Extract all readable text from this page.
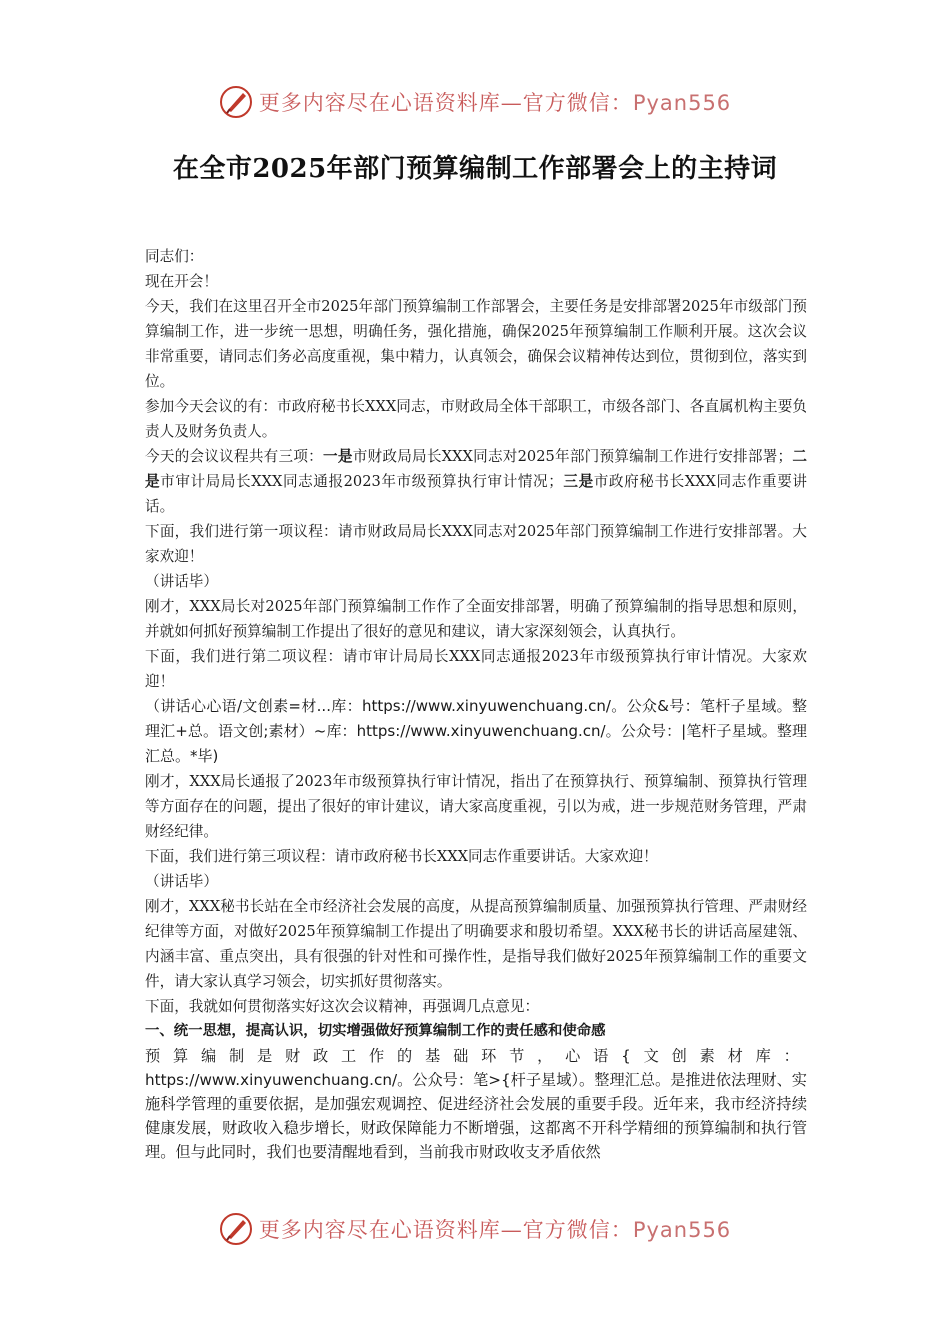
更多内容尽在心语资料库—官方微信：Pyan556
在全市2025年部门预算编制工作部署会上的主持词

同志们：

现在开会！

今天，我们在这里召开全市2025年部门预算编制工作部署会，主要任务是安排部署2025年市级部门预算编制工作，进一步统一思想，明确任务，强化措施，确保2025年预算编制工作顺利开展。这次会议非常重要，请同志们务必高度重视，集中精力，认真领会，确保会议精神传达到位，贯彻到位，落实到位。

参加今天会议的有：市政府秘书长XXX同志，市财政局全体干部职工，市级各部门、各直属机构主要负责人及财务负责人。

今天的会议议程共有三项：一是市财政局局长XXX同志对2025年部门预算编制工作进行安排部署；二是市审计局局长XXX同志通报2023年市级预算执行审计情况；三是市政府秘书长XXX同志作重要讲话。

下面，我们进行第一项议程：请市财政局局长XXX同志对2025年部门预算编制工作进行安排部署。大家欢迎！

（讲话毕）

刚才，XXX局长对2025年部门预算编制工作作了全面安排部署，明确了预算编制的指导思想和原则，并就如何抓好预算编制工作提出了很好的意见和建议，请大家深刻领会，认真执行。

下面，我们进行第二项议程：请市审计局局长XXX同志通报2023年市级预算执行审计情况。大家欢迎！

（讲话心心语/文创素=材...库：https://www.xinyuwenchuang.cn/。公众&号：笔杆子星域。整理汇+总。语文创;素材）~库：https://www.xinyuwenchuang.cn/。公众号：|笔杆子星域。整理汇总。*毕)

刚才，XXX局长通报了2023年市级预算执行审计情况，指出了在预算执行、预算编制、预算执行管理等方面存在的问题，提出了很好的审计建议，请大家高度重视，引以为戒，进一步规范财务管理，严肃财经纪律。

下面，我们进行第三项议程：请市政府秘书长XXX同志作重要讲话。大家欢迎！

（讲话毕）

刚才，XXX秘书长站在全市经济社会发展的高度，从提高预算编制质量、加强预算执行管理、严肃财经纪律等方面，对做好2025年预算编制工作提出了明确要求和殷切希望。XXX秘书长的讲话高屋建瓴、内涵丰富、重点突出，具有很强的针对性和可操作性，是指导我们做好2025年预算编制工作的重要文件，请大家认真学习领会，切实抓好贯彻落实。

下面，我就如何贯彻落实好这次会议精神，再强调几点意见：

一、统一思想，提高认识，切实增强做好预算编制工作的责任感和使命感

预算编制是财政工作的基础环节，心语{文创素材库：https://www.xinyuwenchuang.cn/。公众号：笔>{杆子星域）。整理汇总。是推进依法理财、实施科学管理的重要依据，是加强宏观调控、促进经济社会发展的重要手段。近年来，我市经济持续健康发展，财政收入稳步增长，财政保障能力不断增强，这都离不开科学精细的预算编制和执行管理。但与此同时，我们也要清醒地看到，当前我市财政收支矛盾依然

更多内容尽在心语资料库—官方微信：Pyan556
